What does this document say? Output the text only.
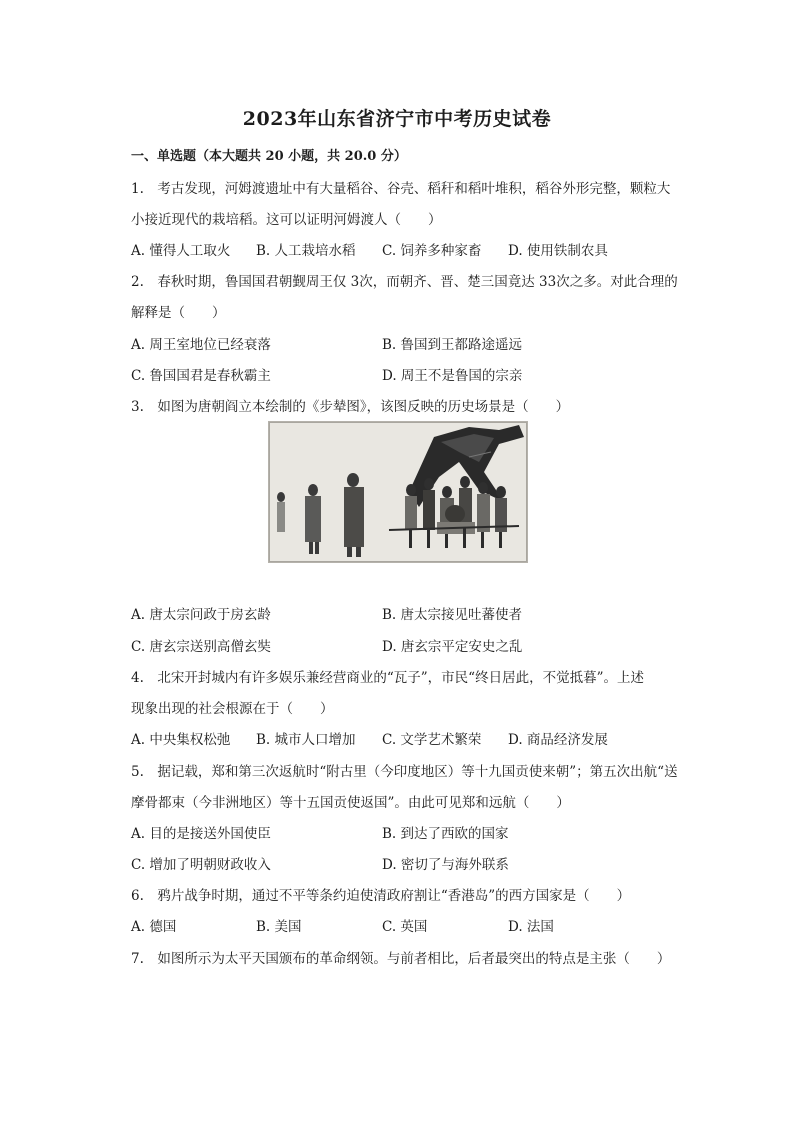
2023年山东省济宁市中考历史试卷
一、单选题（本大题共 20 小题，共 20.0 分）
1.　考古发现，河姆渡遗址中有大量稻谷、谷壳、稻秆和稻叶堆积，稻谷外形完整，颗粒大
小接近现代的栽培稻。这可以证明河姆渡人（　　）
A. 懂得人工取火 B. 人工栽培水稻 C. 饲养多种家畜 D. 使用铁制农具
2.　春秋时期，鲁国国君朝觐周王仅 3次，而朝齐、晋、楚三国竟达 33次之多。对此合理的
解释是（　　）
A. 周王室地位已经衰落	B. 鲁国到王都路途遥远
C. 鲁国国君是春秋霸主	D. 周王不是鲁国的宗亲
3.　如图为唐朝阎立本绘制的《步辇图》，该图反映的历史场景是（　　）
A. 唐太宗问政于房玄龄	B. 唐太宗接见吐蕃使者
C. 唐玄宗送别高僧玄奘	D. 唐玄宗平定安史之乱
4.　北宋开封城内有许多娱乐兼经营商业的“瓦子”，市民“终日居此，不觉抵暮”。上述
现象出现的社会根源在于（　　）
A. 中央集权松弛 B. 城市人口增加 C. 文学艺术繁荣 D. 商品经济发展
5.　据记载，郑和第三次返航时“附古里（今印度地区）等十九国贡使来朝”；第五次出航“送
摩骨都束（今非洲地区）等十五国贡使返国”。由此可见郑和远航（　　）
A. 目的是接送外国使臣	B. 到达了西欧的国家
C. 增加了明朝财政收入	D. 密切了与海外联系
6.　鸦片战争时期，通过不平等条约迫使清政府割让“香港岛”的西方国家是（　　）
A. 德国	B. 美国	C. 英国	D. 法国
7.　如图所示为太平天国颁布的革命纲领。与前者相比，后者最突出的特点是主张（　　）
